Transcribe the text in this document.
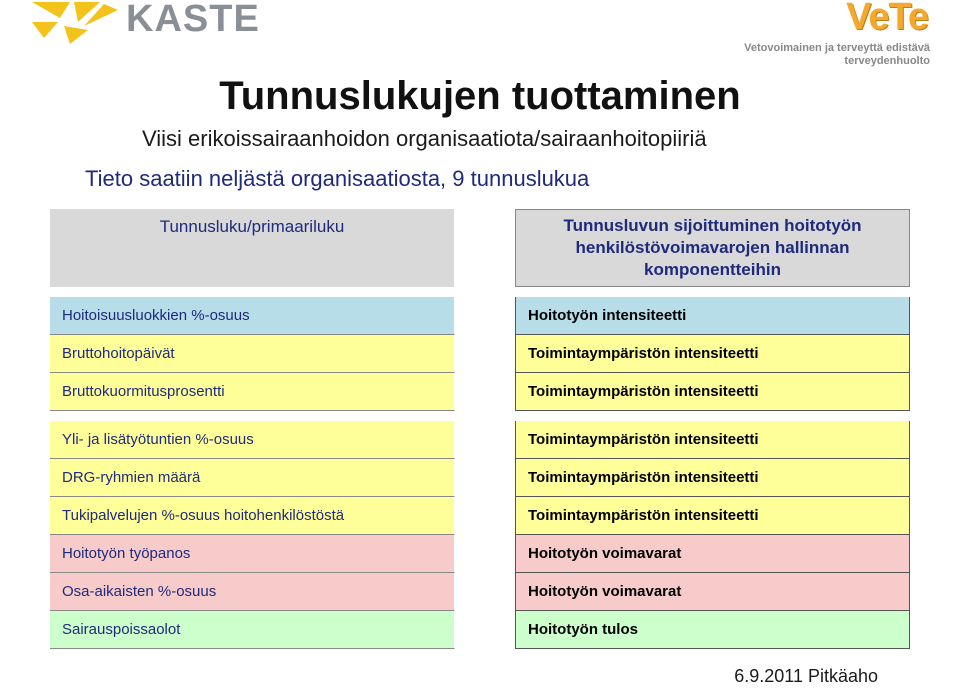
KASTE	VeTe
Vetovoimainen ja terveyttä edistävä terveydenhuolto
Tunnuslukujen tuottaminen
Viisi erikoissairaanhoidon organisaatiota/sairaanhoitopiiriä
Tieto saatiin neljästä organisaatiosta, 9 tunnuslukua
Tunnusluku/primaariluku	Tunnusluvun sijoittuminen hoitotyön henkilöstövoimavarojen hallinnan komponentteihin
Hoitoisuusluokkien %-osuus	Hoitotyön intensiteetti
Bruttohoitopäivät	Toimintaympäristön intensiteetti
Bruttokuormitusprosentti	Toimintaympäristön intensiteetti
Yli- ja lisätyötuntien %-osuus	Toimintaympäristön intensiteetti
DRG-ryhmien määrä	Toimintaympäristön intensiteetti
Tukipalvelujen %-osuus hoitohenkilöstöstä	Toimintaympäristön intensiteetti
Hoitotyön työpanos	Hoitotyön voimavarat
Osa-aikaisten %-osuus	Hoitotyön voimavarat
Sairauspoissaolot	Hoitotyön tulos
6.9.2011 Pitkäaho
